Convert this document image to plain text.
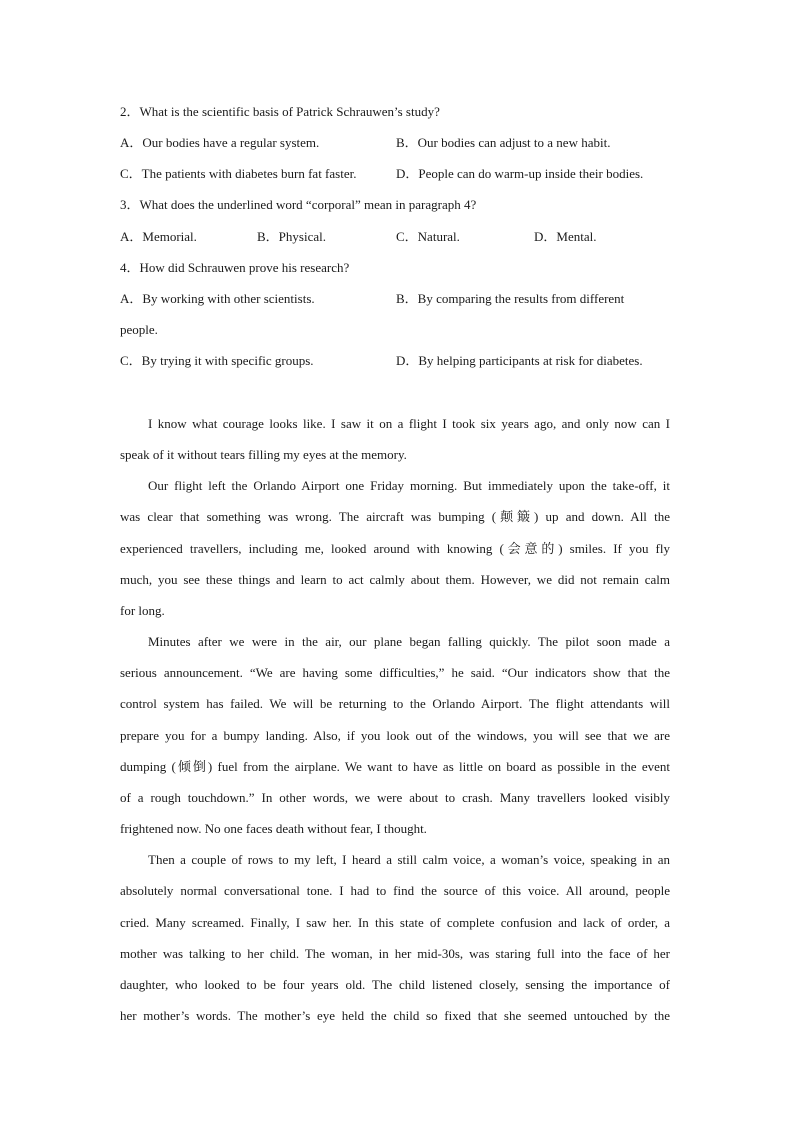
2．What is the scientific basis of Patrick Schrauwen’s study?
A．Our bodies have a regular system.	B．Our bodies can adjust to a new habit.
C．The patients with diabetes burn fat faster.	D．People can do warm-up inside their bodies.
3．What does the underlined word “corporal” mean in paragraph 4?
A．Memorial.	B．Physical.	C．Natural.	D．Mental.
4．How did Schrauwen prove his research?
A．By working with other scientists.	B．By comparing the results from different
people.
C．By trying it with specific groups.	D．By helping participants at risk for diabetes.
I know what courage looks like. I saw it on a flight I took six years ago, and only now can I
speak of it without tears filling my eyes at the memory.
Our flight left the Orlando Airport one Friday morning. But immediately upon the take-off, it
was clear that something was wrong. The aircraft was bumping (颠簸) up and down. All the
experienced travellers, including me, looked around with knowing (会意的) smiles. If you fly
much, you see these things and learn to act calmly about them. However, we did not remain calm
for long.
Minutes after we were in the air, our plane began falling quickly. The pilot soon made a
serious announcement. “We are having some difficulties,” he said. “Our indicators show that the
control system has failed. We will be returning to the Orlando Airport. The flight attendants will
prepare you for a bumpy landing. Also, if you look out of the windows, you will see that we are
dumping (倾倒) fuel from the airplane. We want to have as little on board as possible in the event
of a rough touchdown.” In other words, we were about to crash. Many travellers looked visibly
frightened now. No one faces death without fear, I thought.
Then a couple of rows to my left, I heard a still calm voice, a woman’s voice, speaking in an
absolutely normal conversational tone. I had to find the source of this voice. All around, people
cried. Many screamed. Finally, I saw her. In this state of complete confusion and lack of order, a
mother was talking to her child. The woman, in her mid-30s, was staring full into the face of her
daughter, who looked to be four years old. The child listened closely, sensing the importance of
her mother’s words. The mother’s eye held the child so fixed that she seemed untouched by the
